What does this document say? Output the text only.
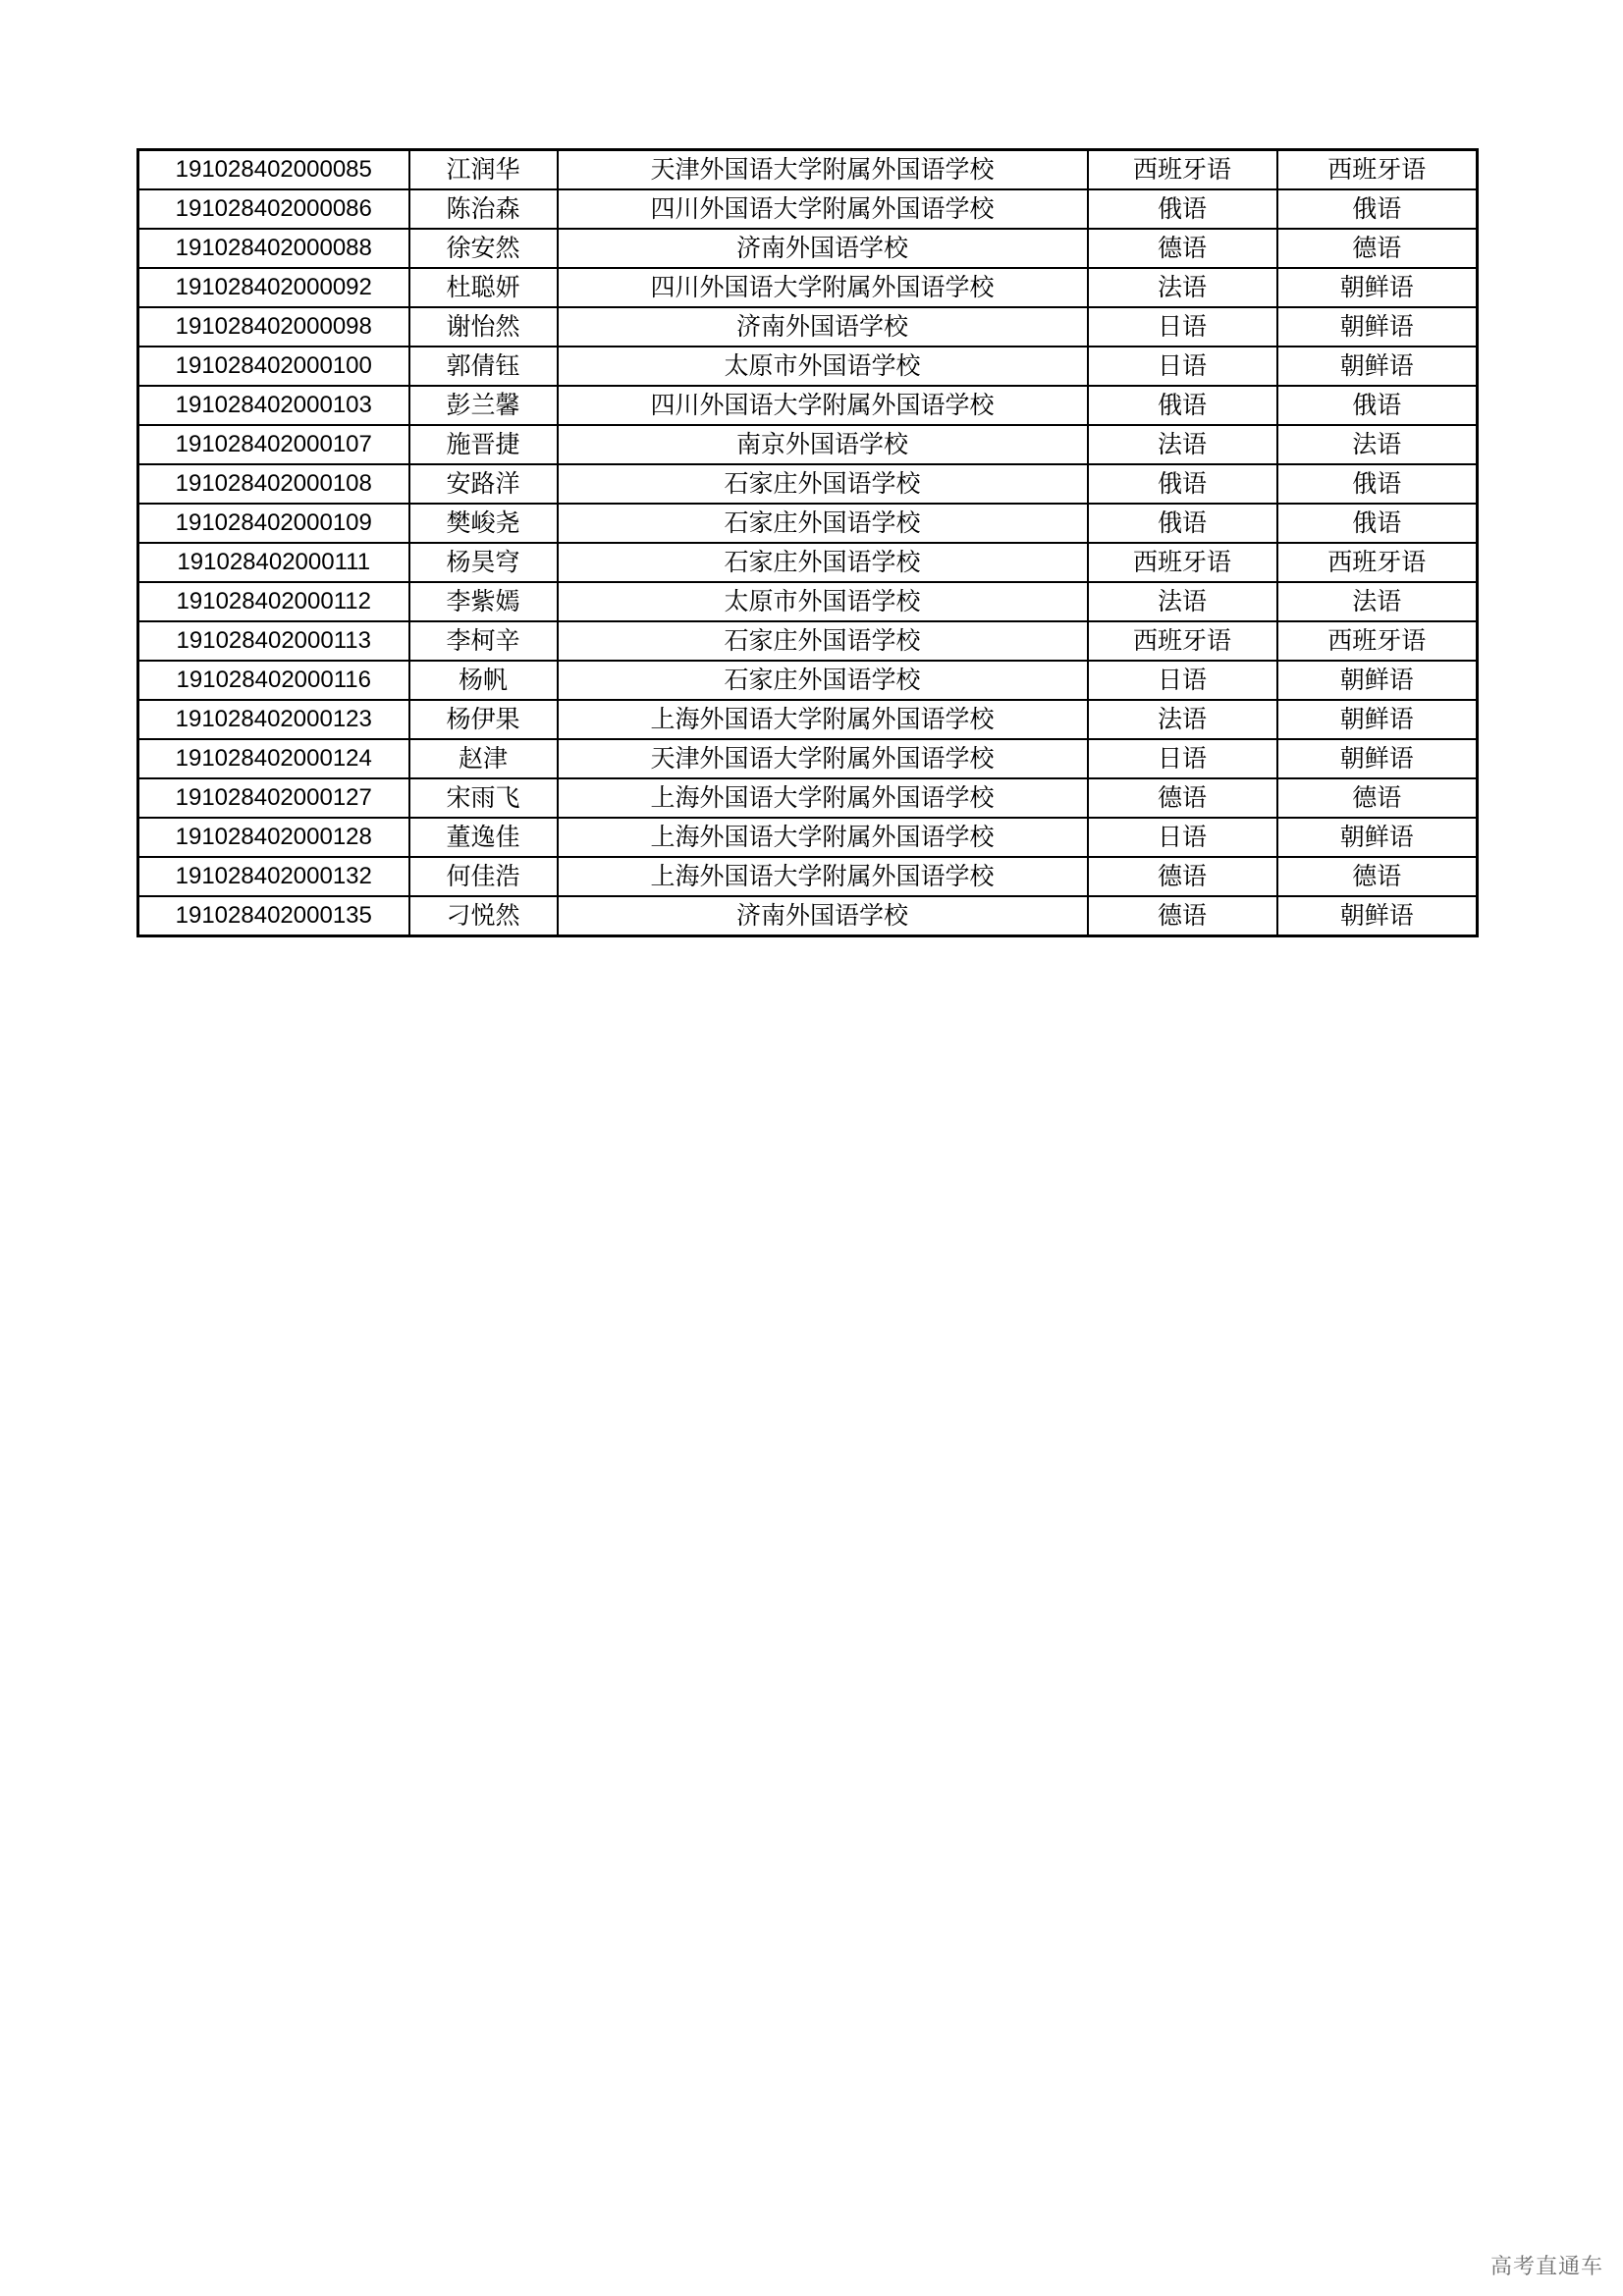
191028402000085	江润华	天津外国语大学附属外国语学校	西班牙语	西班牙语
191028402000086	陈治森	四川外国语大学附属外国语学校	俄语	俄语
191028402000088	徐安然	济南外国语学校	德语	德语
191028402000092	杜聪妍	四川外国语大学附属外国语学校	法语	朝鲜语
191028402000098	谢怡然	济南外国语学校	日语	朝鲜语
191028402000100	郭倩钰	太原市外国语学校	日语	朝鲜语
191028402000103	彭兰馨	四川外国语大学附属外国语学校	俄语	俄语
191028402000107	施晋捷	南京外国语学校	法语	法语
191028402000108	安路洋	石家庄外国语学校	俄语	俄语
191028402000109	樊峻尧	石家庄外国语学校	俄语	俄语
191028402000111	杨昊穹	石家庄外国语学校	西班牙语	西班牙语
191028402000112	李紫嫣	太原市外国语学校	法语	法语
191028402000113	李柯辛	石家庄外国语学校	西班牙语	西班牙语
191028402000116	杨帆	石家庄外国语学校	日语	朝鲜语
191028402000123	杨伊果	上海外国语大学附属外国语学校	法语	朝鲜语
191028402000124	赵津	天津外国语大学附属外国语学校	日语	朝鲜语
191028402000127	宋雨飞	上海外国语大学附属外国语学校	德语	德语
191028402000128	董逸佳	上海外国语大学附属外国语学校	日语	朝鲜语
191028402000132	何佳浩	上海外国语大学附属外国语学校	德语	德语
191028402000135	刁悦然	济南外国语学校	德语	朝鲜语
高考直通车
